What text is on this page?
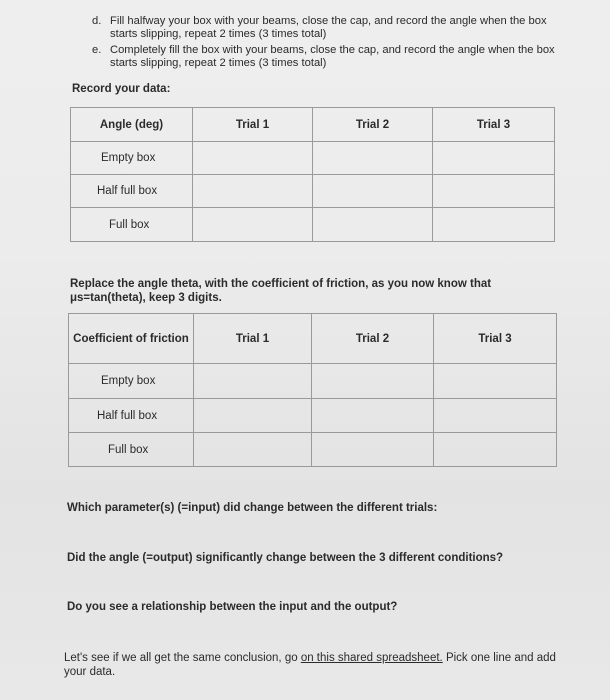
d. Fill halfway your box with your beams, close the cap, and record the angle when the box starts slipping, repeat 2 times (3 times total)
e. Completely fill the box with your beams, close the cap, and record the angle when the box starts slipping, repeat 2 times (3 times total)
Record your data:
Angle (deg)	Trial 1	Trial 2	Trial 3
Empty box			
Half full box			
Full box			
Replace the angle theta, with the coefficient of friction, as you now know that μs=tan(theta), keep 3 digits.
Coefficient of friction	Trial 1	Trial 2	Trial 3
Empty box			
Half full box			
Full box			
Which parameter(s) (=input) did change between the different trials:
Did the angle (=output) significantly change between the 3 different conditions?
Do you see a relationship between the input and the output?
Let's see if we all get the same conclusion, go on this shared spreadsheet. Pick one line and add your data.
